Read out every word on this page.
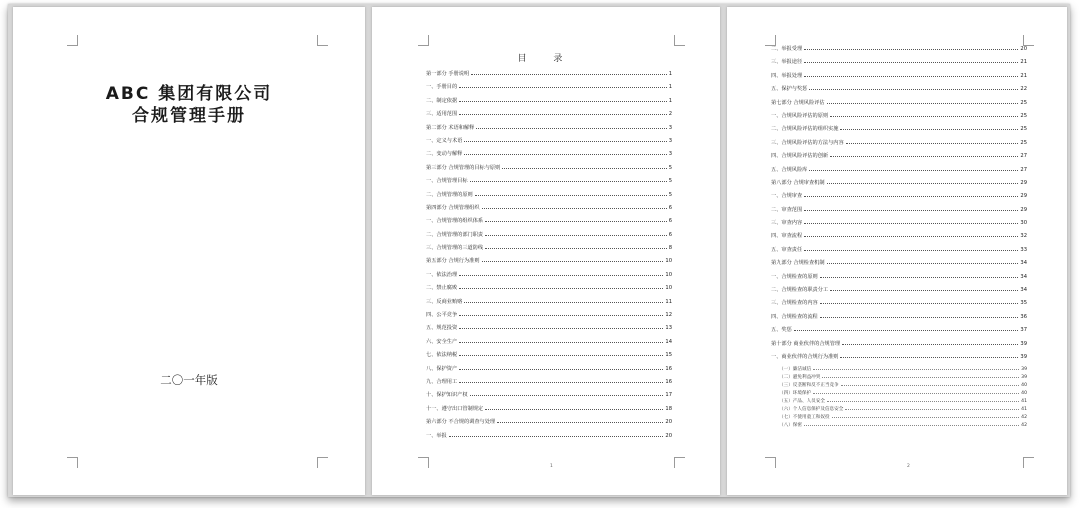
ABC 集团有限公司
合规管理手册
二〇一年版
目 录
第一部分 手册说明	1
一、手册目的	1
二、制定依据	1
三、适用范围	2
第二部分 术语和解释	3
一、定义与术语	3
二、变动与解释	3
第三部分 合规管理的目标与原则	5
一、合规管理目标	5
二、合规管理的原则	5
第四部分 合规管理组织	6
一、合规管理的组织体系	6
二、合规管理的部门职责	6
三、合规管理的三道防线	8
第五部分 合规行为准则	10
一、依法治理	10
二、禁止腐败	10
三、反商业贿赂	11
四、公平竞争	12
五、规范投资	13
六、安全生产	14
七、依法纳税	15
八、保护资产	16
九、合理用工	16
十、保护知识产权	17
十一、遵守出口管制规定	18
第六部分 不合规的调查与处理	20
一、举报	20
1
二、举报受理	20
三、举报途径	21
四、举报处理	21
五、保护与奖惩	22
第七部分 合规风险评估	25
一、合规风险评估的原则	25
二、合规风险评估的组织实施	25
三、合规风险评估的方法与内容	25
四、合规风险评估的创新	27
五、合规风险库	27
第八部分 合规审查机制	29
一、合规审查	29
二、审查范围	29
三、审查内容	30
四、审查流程	32
五、审查责任	33
第九部分 合规检查机制	34
一、合规检查的原则	34
二、合规检查的职责分工	34
三、合规检查的内容	35
四、合规检查的流程	36
五、奖惩	37
第十部分 商业伙伴的合规管理	39
一、商业伙伴的合规行为准则	39
（一）廉洁诚信	39
（二）避免利益冲突	39
（三）反垄断和反不正当竞争	40
（四）环境保护	40
（五）产品、人员安全	41
（六）个人信息保护及信息安全	41
（七）不使用童工和奴役	42
（八）保密	42
2
